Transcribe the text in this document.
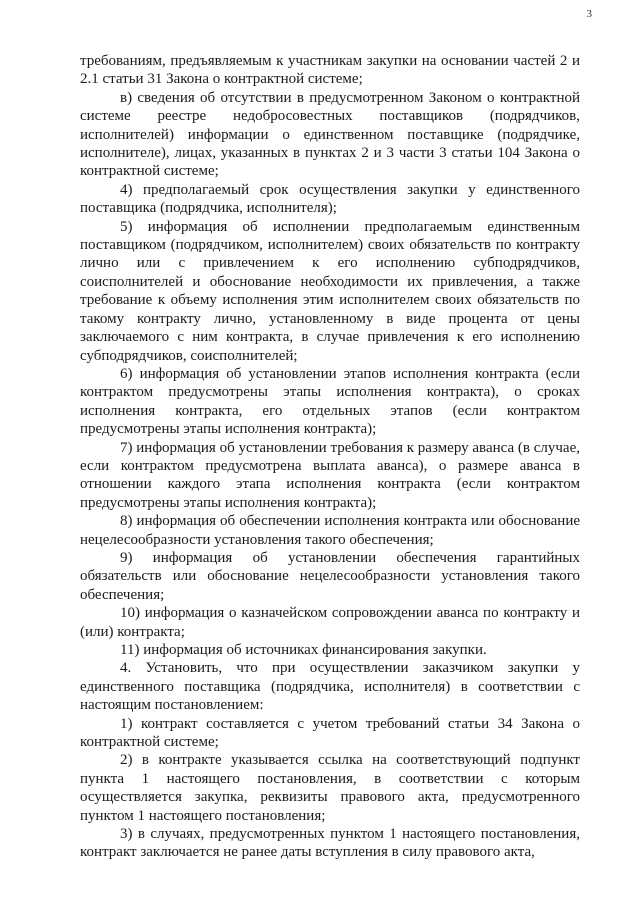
3

требованиям, предъявляемым к участникам закупки на основании частей 2 и 2.1 статьи 31 Закона о контрактной системе;

в) сведения об отсутствии в предусмотренном Законом о контрактной системе реестре недобросовестных поставщиков (подрядчиков, исполнителей) информации о единственном поставщике (подрядчике, исполнителе), лицах, указанных в пунктах 2 и 3 части 3 статьи 104 Закона о контрактной системе;

4) предполагаемый срок осуществления закупки у единственного поставщика (подрядчика, исполнителя);

5) информация об исполнении предполагаемым единственным поставщиком (подрядчиком, исполнителем) своих обязательств по контракту лично или с привлечением к его исполнению субподрядчиков, соисполнителей и обоснование необходимости их привлечения, а также требование к объему исполнения этим исполнителем своих обязательств по такому контракту лично, установленному в виде процента от цены заключаемого с ним контракта, в случае привлечения к его исполнению субподрядчиков, соисполнителей;

6) информация об установлении этапов исполнения контракта (если контрактом предусмотрены этапы исполнения контракта), о сроках исполнения контракта, его отдельных этапов (если контрактом предусмотрены этапы исполнения контракта);

7) информация об установлении требования к размеру аванса (в случае, если контрактом предусмотрена выплата аванса), о размере аванса в отношении каждого этапа исполнения контракта (если контрактом предусмотрены этапы исполнения контракта);

8) информация об обеспечении исполнения контракта или обоснование нецелесообразности установления такого обеспечения;

9) информация об установлении обеспечения гарантийных обязательств или обоснование нецелесообразности установления такого обеспечения;

10) информация о казначейском сопровождении аванса по контракту и (или) контракта;

11) информация об источниках финансирования закупки.

4. Установить, что при осуществлении заказчиком закупки у единственного поставщика (подрядчика, исполнителя) в соответствии с настоящим постановлением:

1) контракт составляется с учетом требований статьи 34 Закона о контрактной системе;

2) в контракте указывается ссылка на соответствующий подпункт пункта 1 настоящего постановления, в соответствии с которым осуществляется закупка, реквизиты правового акта, предусмотренного пунктом 1 настоящего постановления;

3) в случаях, предусмотренных пунктом 1 настоящего постановления, контракт заключается не ранее даты вступления в силу правового акта,
